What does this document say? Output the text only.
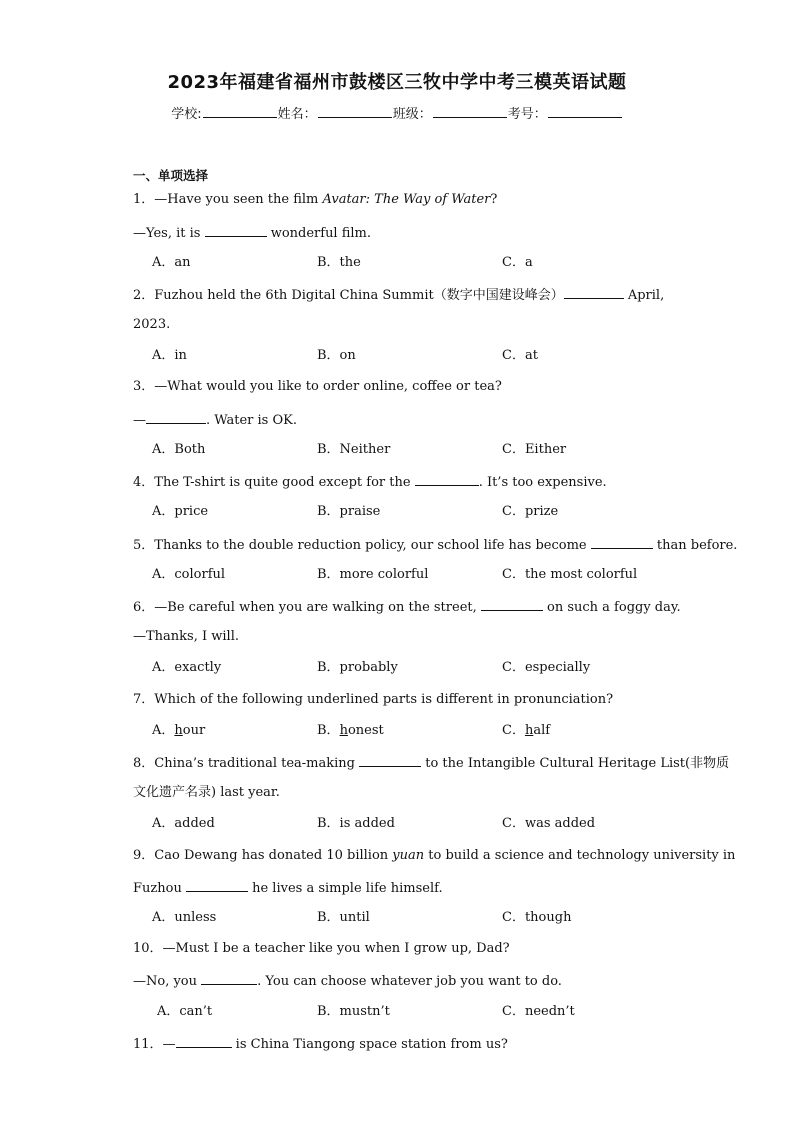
2023年福建省福州市鼓楼区三牧中学中考三模英语试题
学校:	姓名：	班级：	考号：
一、单项选择
1．—Have you seen the film Avatar: The Way of Water?
—Yes, it is	wonderful film.
A．an	B．the	C．a
2．Fuzhou held the 6th Digital China Summit（数字中国建设峰会）	April,
2023.
A．in	B．on	C．at
3．—What would you like to order online, coffee or tea?
—	. Water is OK.
A．Both	B．Neither	C．Either
4．The T-shirt is quite good except for the	. It’s too expensive.
A．price	B．praise	C．prize
5．Thanks to the double reduction policy, our school life has become	than before.
A．colorful	B．more colorful	C．the most colorful
6．—Be careful when you are walking on the street,	on such a foggy day.
—Thanks, I will.
A．exactly	B．probably	C．especially
7．Which of the following underlined parts is different in pronunciation?
A．hour	B．honest	C．half
8．China’s traditional tea-making	to the Intangible Cultural Heritage List(非物质
文化遗产名录) last year.
A．added	B．is added	C．was added
9．Cao Dewang has donated 10 billion yuan to build a science and technology university in
Fuzhou	he lives a simple life himself.
A．unless	B．until	C．though
10．—Must I be a teacher like you when I grow up, Dad?
—No, you	. You can choose whatever job you want to do.
A．can’t	B．mustn’t	C．needn’t
11．—	is China Tiangong space station from us?
